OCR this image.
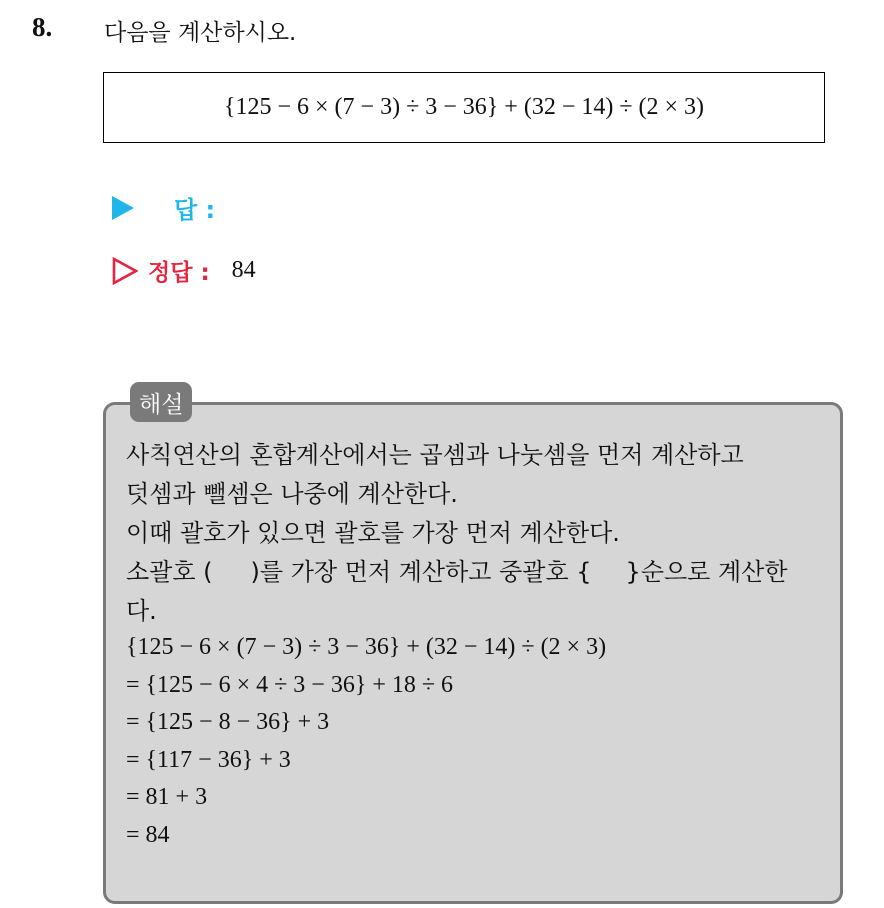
8. 다음을 계산하시오.
{125 − 6 × (7 − 3) ÷ 3 − 36} + (32 − 14) ÷ (2 × 3)
답 :
정답 : 84
해설
사칙연산의 혼합계산에서는 곱셈과 나눗셈을 먼저 계산하고
덧셈과 뺄셈은 나중에 계산한다.
이때 괄호가 있으면 괄호를 가장 먼저 계산한다.
소괄호 ( )를 가장 먼저 계산하고 중괄호 { }순으로 계산한
다.
{125 − 6 × (7 − 3) ÷ 3 − 36} + (32 − 14) ÷ (2 × 3)
= {125 − 6 × 4 ÷ 3 − 36} + 18 ÷ 6
= {125 − 8 − 36} + 3
= {117 − 36} + 3
= 81 + 3
= 84
